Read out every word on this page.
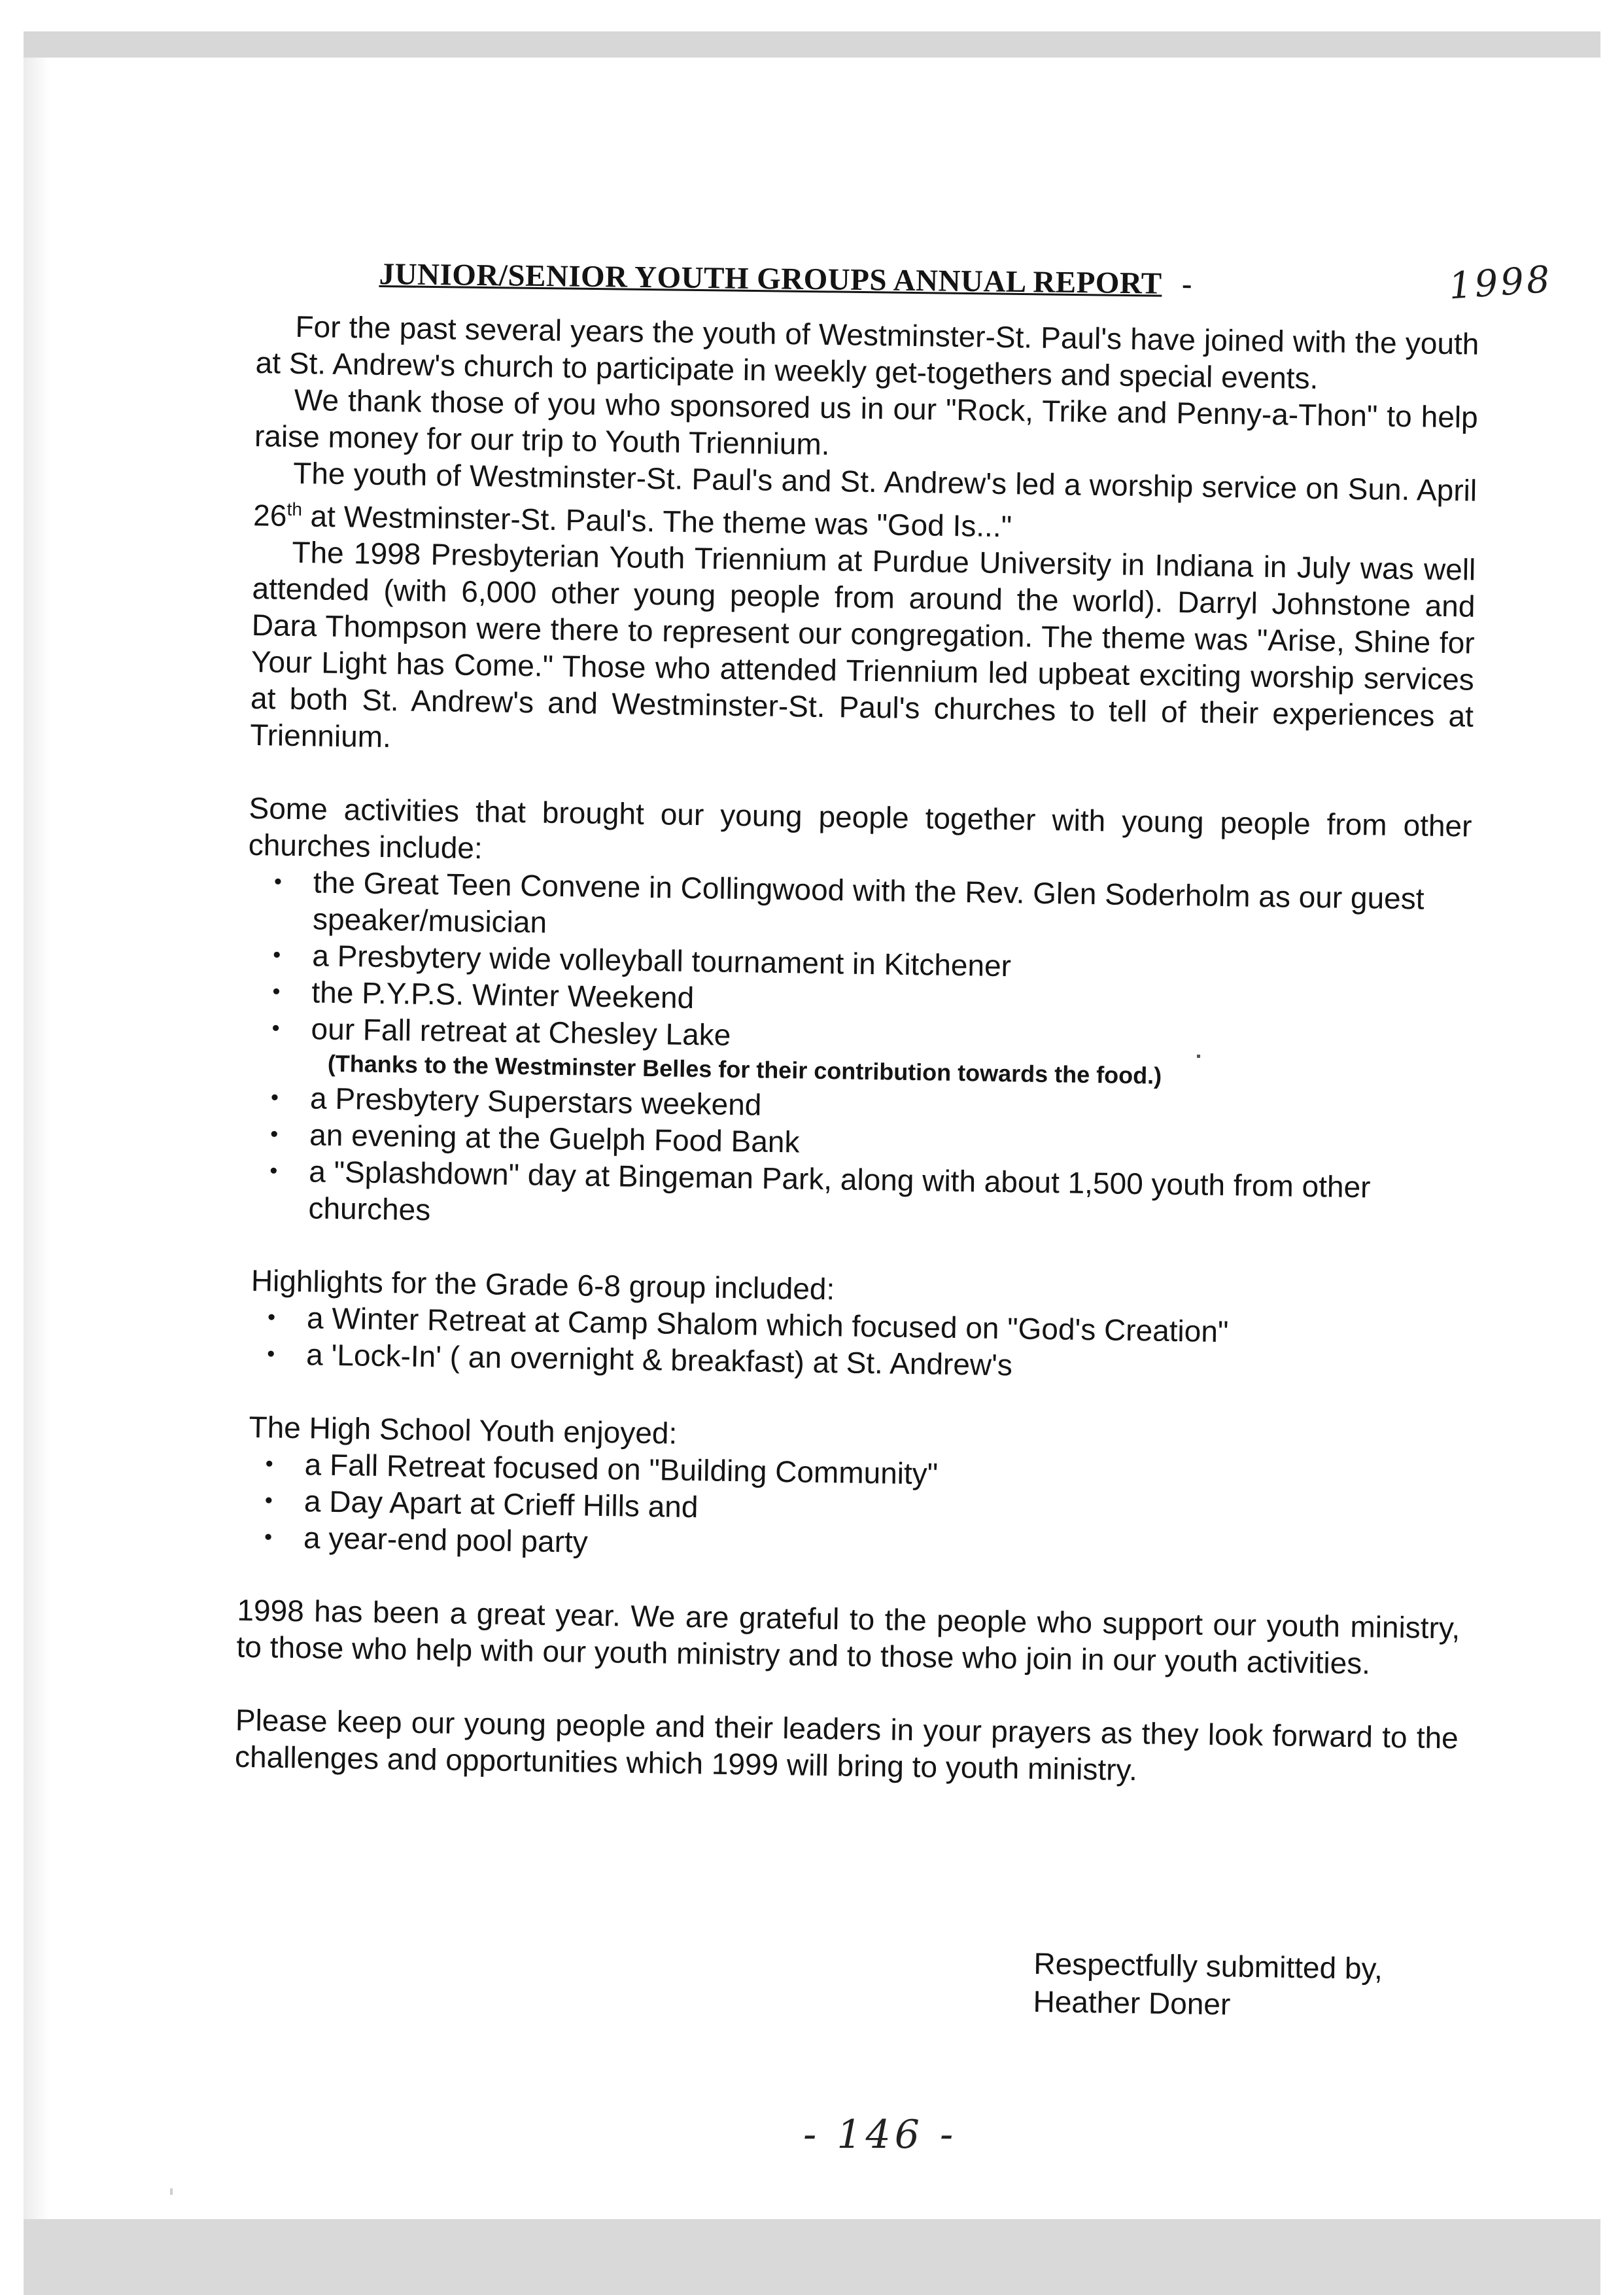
JUNIOR/SENIOR YOUTH GROUPS ANNUAL REPORT -	1998

For the past several years the youth of Westminster-St. Paul's have joined with the youth at St. Andrew's church to participate in weekly get-togethers and special events.

We thank those of you who sponsored us in our "Rock, Trike and Penny-a-Thon" to help raise money for our trip to Youth Triennium.

The youth of Westminster-St. Paul's and St. Andrew's led a worship service on Sun. April 26th at Westminster-St. Paul's. The theme was "God Is..."

The 1998 Presbyterian Youth Triennium at Purdue University in Indiana in July was well attended (with 6,000 other young people from around the world). Darryl Johnstone and Dara Thompson were there to represent our congregation. The theme was "Arise, Shine for Your Light has Come." Those who attended Triennium led upbeat exciting worship services at both St. Andrew's and Westminster-St. Paul's churches to tell of their experiences at Triennium.

Some activities that brought our young people together with young people from other churches include:

• the Great Teen Convene in Collingwood with the Rev. Glen Soderholm as our guest speaker/musician
• a Presbytery wide volleyball tournament in Kitchener
• the P.Y.P.S. Winter Weekend
• our Fall retreat at Chesley Lake
(Thanks to the Westminster Belles for their contribution towards the food.)
• a Presbytery Superstars weekend
• an evening at the Guelph Food Bank
• a "Splashdown" day at Bingeman Park, along with about 1,500 youth from other churches

Highlights for the Grade 6-8 group included:

• a Winter Retreat at Camp Shalom which focused on "God's Creation"
• a 'Lock-In' ( an overnight & breakfast) at St. Andrew's

The High School Youth enjoyed:

• a Fall Retreat focused on "Building Community"
• a Day Apart at Crieff Hills and
• a year-end pool party

1998 has been a great year. We are grateful to the people who support our youth ministry, to those who help with our youth ministry and to those who join in our youth activities.

Please keep our young people and their leaders in your prayers as they look forward to the challenges and opportunities which 1999 will bring to youth ministry.

Respectfully submitted by,
Heather Doner
- 146 -
